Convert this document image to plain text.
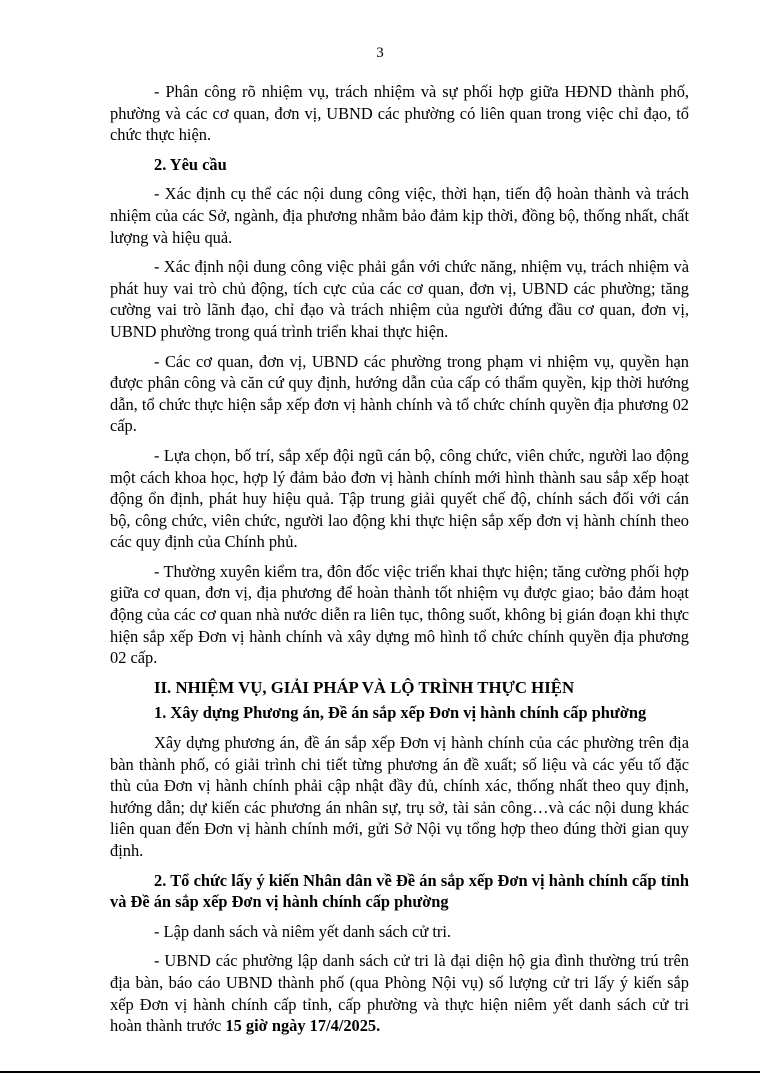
3

- Phân công rõ nhiệm vụ, trách nhiệm và sự phối hợp giữa HĐND thành phố, phường và các cơ quan, đơn vị, UBND các phường có liên quan trong việc chỉ đạo, tổ chức thực hiện.

2. Yêu cầu

- Xác định cụ thể các nội dung công việc, thời hạn, tiến độ hoàn thành và trách nhiệm của các Sở, ngành, địa phương nhằm bảo đảm kịp thời, đồng bộ, thống nhất, chất lượng và hiệu quả.

- Xác định nội dung công việc phải gắn với chức năng, nhiệm vụ, trách nhiệm và phát huy vai trò chủ động, tích cực của các cơ quan, đơn vị, UBND các phường; tăng cường vai trò lãnh đạo, chỉ đạo và trách nhiệm của người đứng đầu cơ quan, đơn vị, UBND phường trong quá trình triển khai thực hiện.

- Các cơ quan, đơn vị, UBND các phường trong phạm vi nhiệm vụ, quyền hạn được phân công và căn cứ quy định, hướng dẫn của cấp có thẩm quyền, kịp thời hướng dẫn, tổ chức thực hiện sắp xếp đơn vị hành chính và tổ chức chính quyền địa phương 02 cấp.

- Lựa chọn, bố trí, sắp xếp đội ngũ cán bộ, công chức, viên chức, người lao động một cách khoa học, hợp lý đảm bảo đơn vị hành chính mới hình thành sau sắp xếp hoạt động ổn định, phát huy hiệu quả. Tập trung giải quyết chế độ, chính sách đối với cán bộ, công chức, viên chức, người lao động khi thực hiện sắp xếp đơn vị hành chính theo các quy định của Chính phủ.

- Thường xuyên kiểm tra, đôn đốc việc triển khai thực hiện; tăng cường phối hợp giữa cơ quan, đơn vị, địa phương để hoàn thành tốt nhiệm vụ được giao; bảo đảm hoạt động của các cơ quan nhà nước diễn ra liên tục, thông suốt, không bị gián đoạn khi thực hiện sắp xếp Đơn vị hành chính và xây dựng mô hình tổ chức chính quyền địa phương 02 cấp.

II. NHIỆM VỤ, GIẢI PHÁP VÀ LỘ TRÌNH THỰC HIỆN

1. Xây dựng Phương án, Đề án sắp xếp Đơn vị hành chính cấp phường

Xây dựng phương án, đề án sắp xếp Đơn vị hành chính của các phường trên địa bàn thành phố, có giải trình chi tiết từng phương án đề xuất; số liệu và các yếu tố đặc thù của Đơn vị hành chính phải cập nhật đầy đủ, chính xác, thống nhất theo quy định, hướng dẫn; dự kiến các phương án nhân sự, trụ sở, tài sản công…và các nội dung khác liên quan đến Đơn vị hành chính mới, gửi Sở Nội vụ tổng hợp theo đúng thời gian quy định.

2. Tổ chức lấy ý kiến Nhân dân về Đề án sắp xếp Đơn vị hành chính cấp tỉnh và Đề án sắp xếp Đơn vị hành chính cấp phường

- Lập danh sách và niêm yết danh sách cử tri.

- UBND các phường lập danh sách cử tri là đại diện hộ gia đình thường trú trên địa bàn, báo cáo UBND thành phố (qua Phòng Nội vụ) số lượng cử tri lấy ý kiến sắp xếp Đơn vị hành chính cấp tỉnh, cấp phường và thực hiện niêm yết danh sách cử tri hoàn thành trước 15 giờ ngày 17/4/2025.
